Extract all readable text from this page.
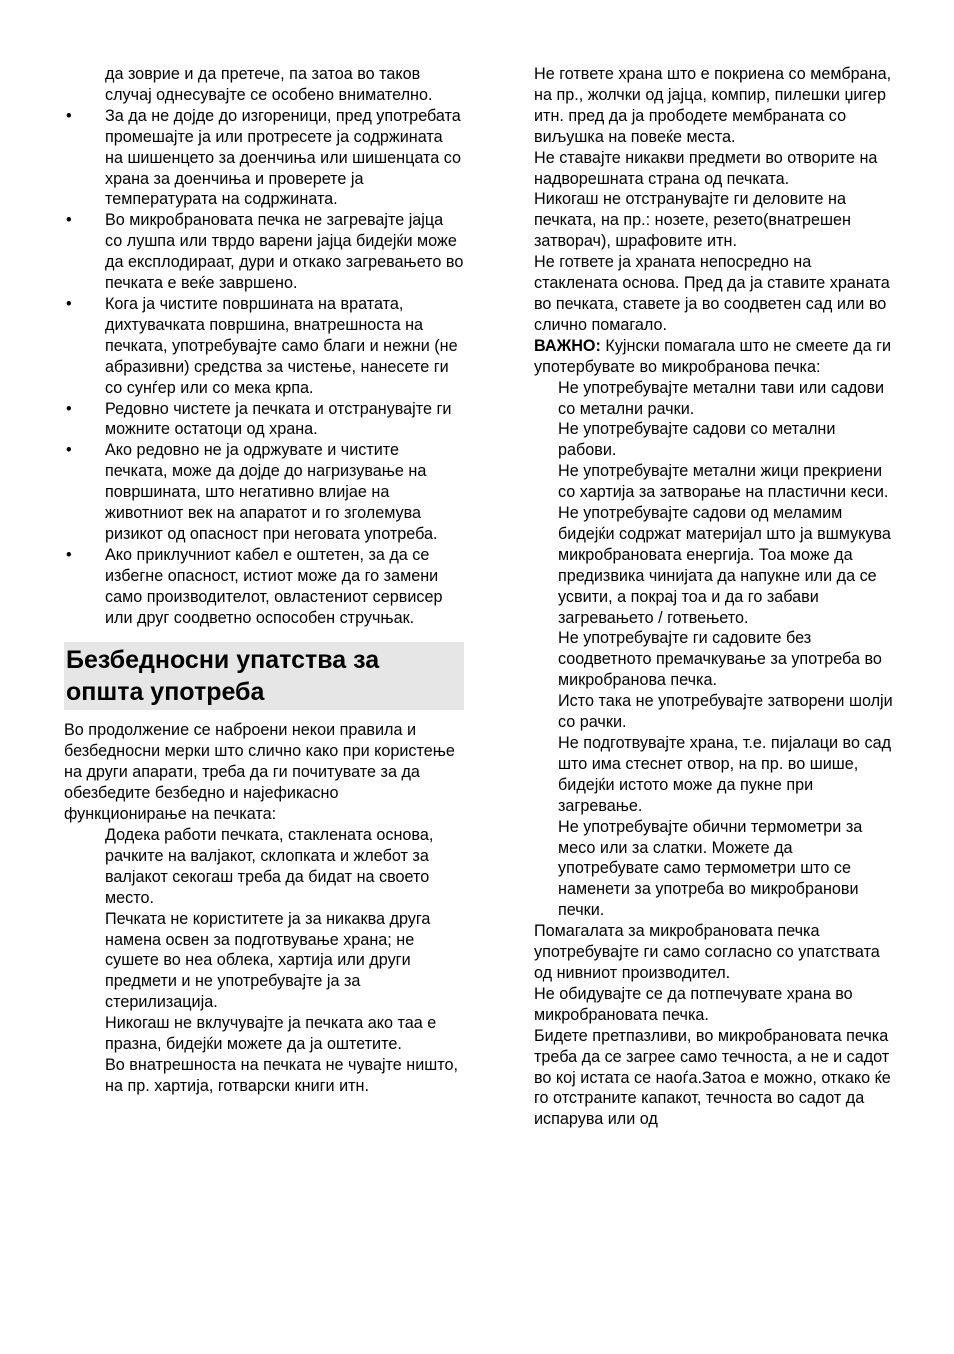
да зоврие и да претече, па затоа во таков случај однесувајте се особено внимателно.

• За да не дојде до изгореници, пред употребата промешајте ја или протресете ја содржината на шишенцето за доенчиња или шишенцата со храна за доенчиња и проверете ја температурата на содржината.

• Во микробрановата печка не загревајте јајца со лушпа или тврдо варени јајца бидејќи може да експлодираат, дури и откако загревањето во печката е веќе завршено.

• Кога ја чистите површината на вратата, дихтувачката површина, внатрешноста на печката, употребувајте само благи и нежни (не абразивни) средства за чистење, нанесете ги со сунѓер или со мека крпа.

• Редовно чистете ја печката и отстранувајте ги можните остатоци од храна.

• Ако редовно не ја одржувате и чистите печката, може да дојде до нагризување на површината, што негативно влијае на животниот век на апаратот и го зголемува ризикот од опасност при неговата употреба.

• Ако приклучниот кабел е оштетен, за да се избегне опасност, истиот може да го замени само производителот, овластениот сервисер или друг соодветно оспособен стручњак.

Безбедносни упатства за општа употреба

Во продолжение се наброени некои правила и безбедносни мерки што слично како при користење на други апарати, треба да ги почитувате за да обезбедите безбедно и најефикасно функционирање на печката:

Додека работи печката, стаклената основа, рачките на валјакот, склопката и жлебот за валјакот секогаш треба да бидат на своето место.

Печката не користитете ја за никаква друга намена освен за подготвување храна; не сушете во неа облека, хартија или други предмети и не употребувајте ја за стерилизација.

Никогаш не вклучувајте ја печката ако таа е празна, бидејќи можете да ја оштетите.

Во внатрешноста на печката не чувајте ништо, на пр. хартија, готварски книги итн.

Не гответе храна што е покриена со мембрана, на пр., жолчки од јајца, компир, пилешки џигер итн. пред да ја прободете мембраната со виљушка на повеќе места.

Не ставајте никакви предмети во отворите на надворешната страна од печката.

Никогаш не отстранувајте ги деловите на печката, на пр.: нозете, резето(внатрешен затворач), шрафовите итн.

Не гответе ја храната непосредно на стаклената основа. Пред да ја ставите храната во печката, ставете ја во соодветен сад или во слично помагало.

ВАЖНО: Кујнски помагала што не смеете да ги употербувате во микробранова печка:

Не употребувајте метални тави или садови со метални рачки.

Не употребувајте садови со метални рабови.

Не употребувајте метални жици прекриени со хартија за затворање на пластични кеси.

Не употребувајте садови од меламим бидејќи содржат материјал што ја вшмукува микробрановата енергија. Тоа може да предизвика чинијата да напукне или да се усвити, а покрај тоа и да го забави загревањето / готвењето.

Не употребувајте ги садовите без соодветното премачкување за употреба во микробранова печка.

Исто така не употребувајте затворени шолји со рачки.

Не подготвувајте храна, т.е. пијалаци во сад што има стеснет отвор, на пр. во шише, бидејќи истото може да пукне при загревање.

Не употребувајте обични термометри за месо или за слатки. Можете да употребувате само термометри што се наменети за употреба во микробранови печки.

Помагалата за микробрановата печка употребувајте ги само согласно со упатствата од нивниот производител.

Не обидувајте се да потпечувате храна во микробрановата печка.

Бидете претпазливи, во микробрановата печка треба да се загрее само течноста, а не и садот во кој истата се наоѓа.Затоа е можно, откако ќе го отстраните капакот, течноста во садот да испарува или од
